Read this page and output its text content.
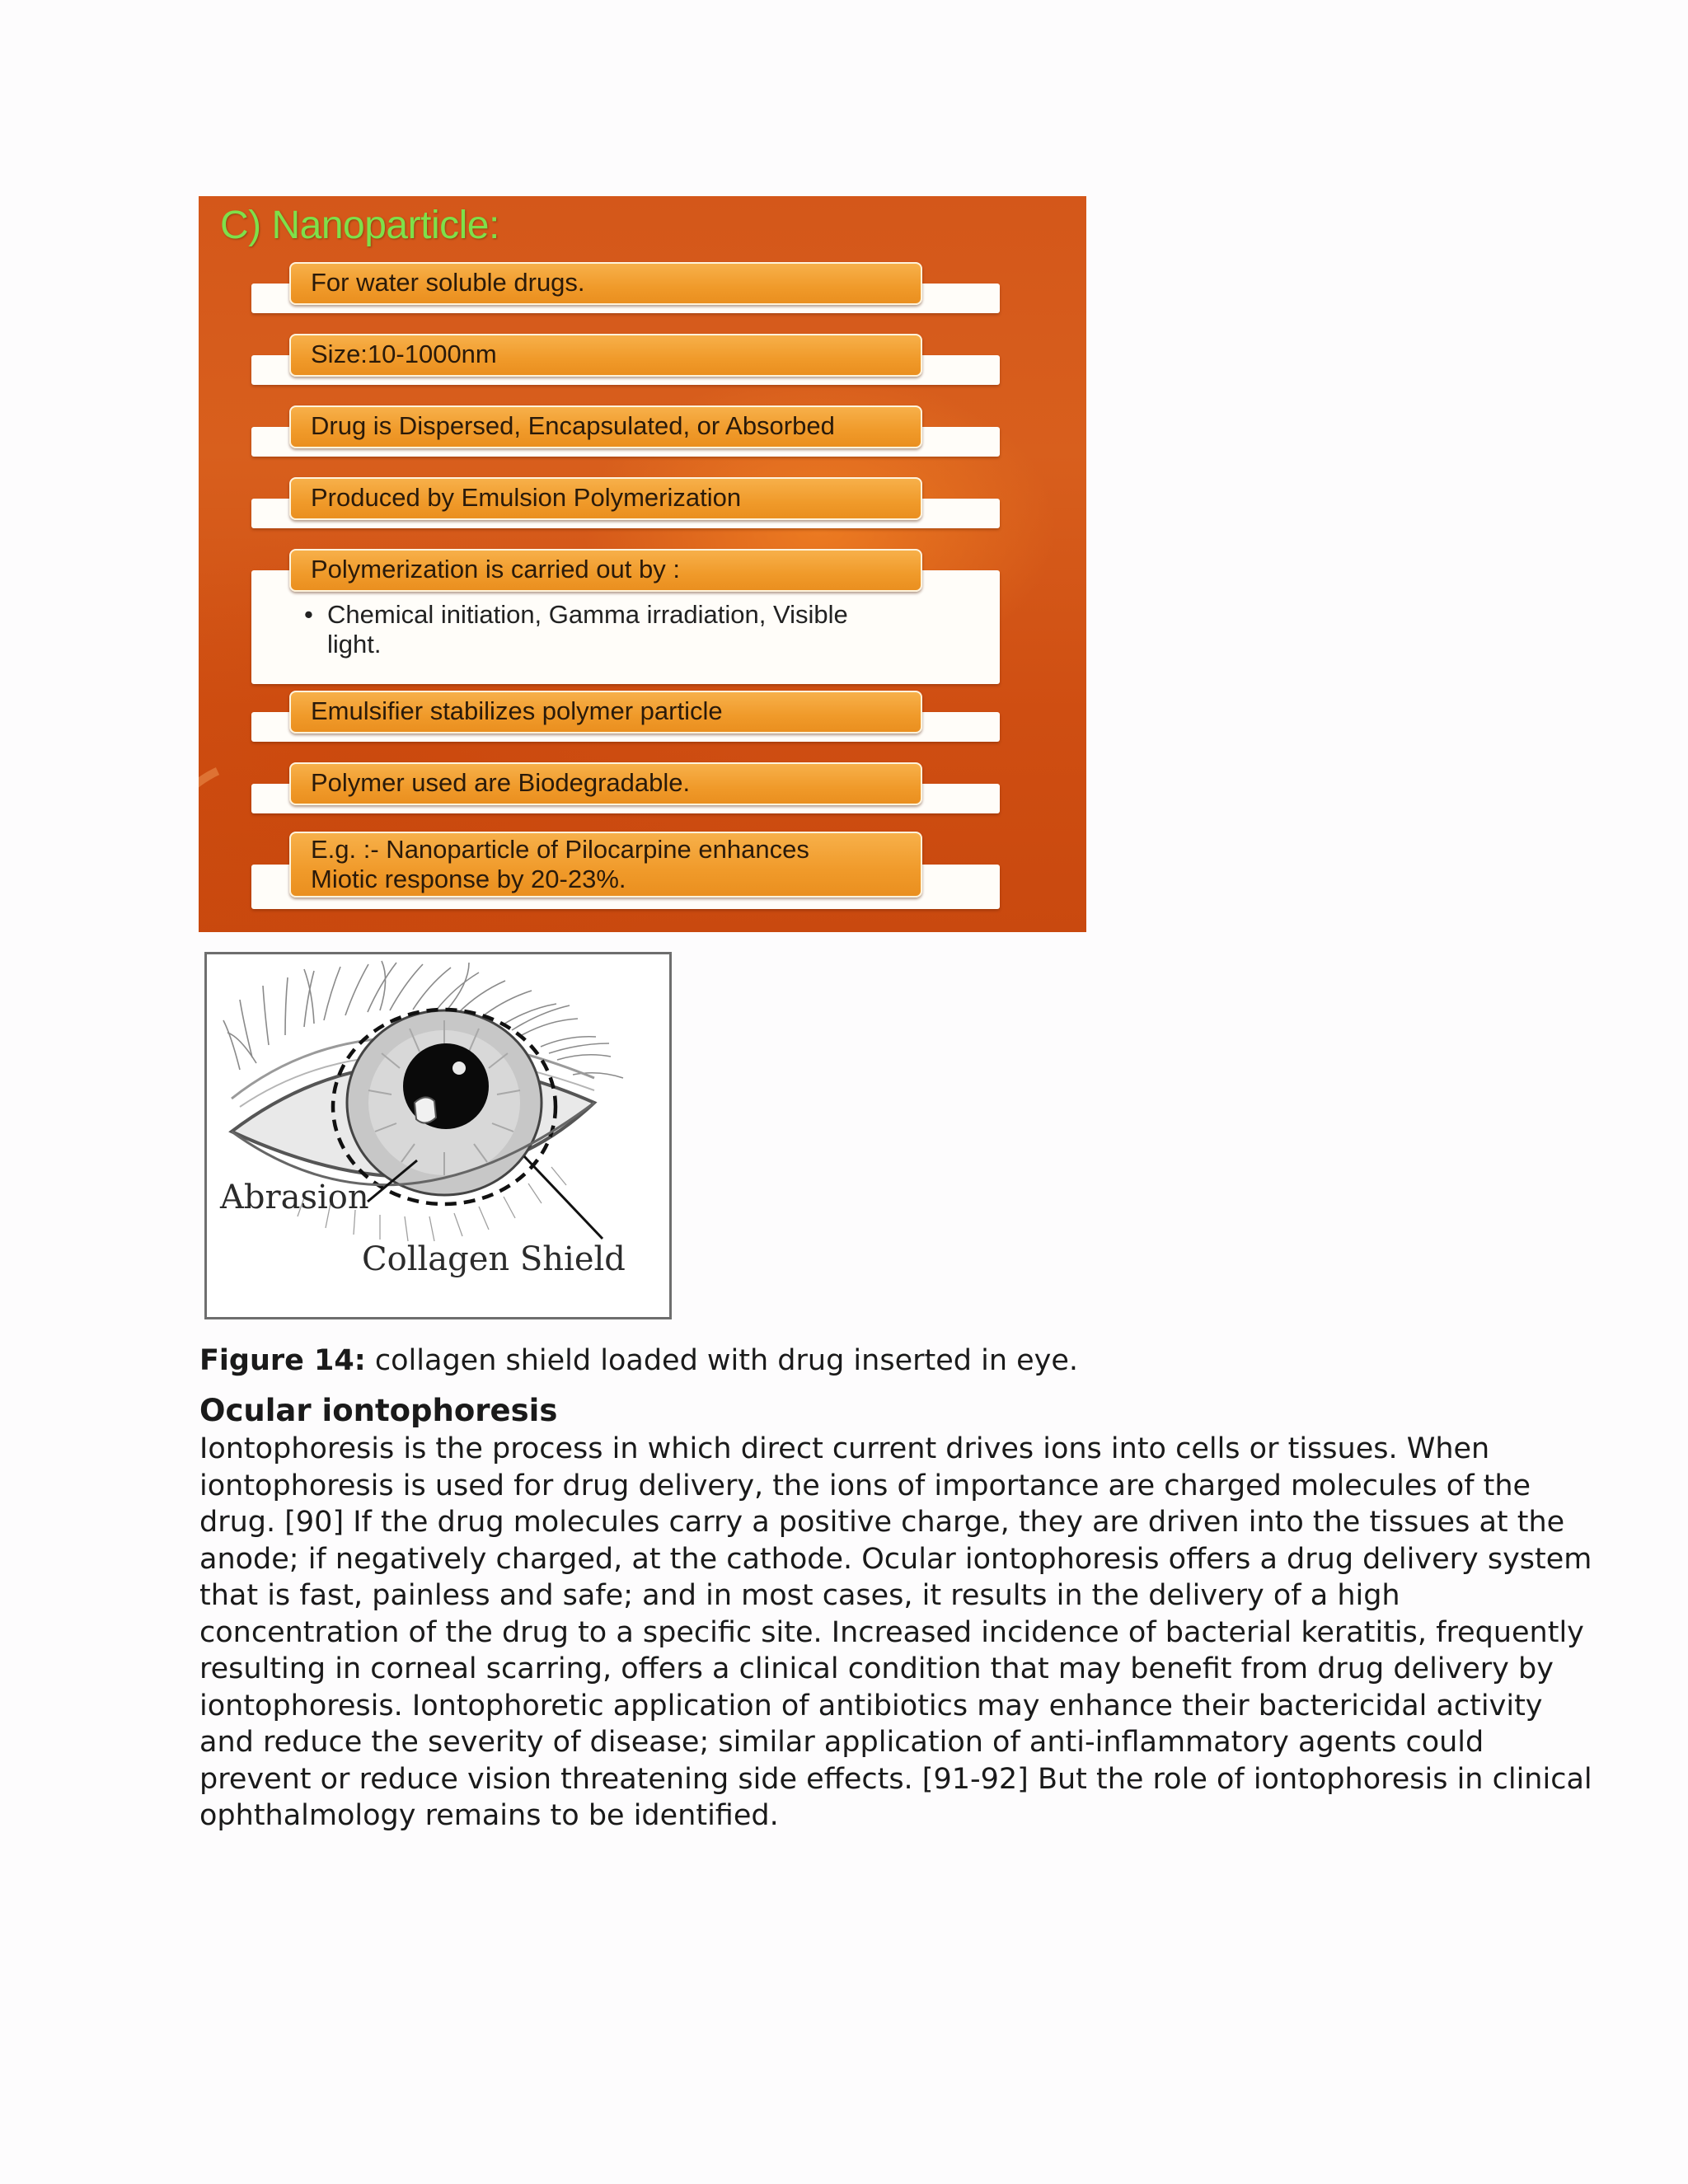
C) Nanoparticle:
For water soluble drugs.
Size:10-1000nm
Drug is Dispersed, Encapsulated, or Absorbed
Produced by Emulsion Polymerization
Polymerization is carried out by :
• Chemical initiation, Gamma irradiation, Visible
light.
Emulsifier stabilizes polymer particle
Polymer used are Biodegradable.
E.g. :- Nanoparticle of Pilocarpine enhances
Miotic response by 20-23%.
Abrasion
Collagen Shield
Figure 14: collagen shield loaded with drug inserted in eye.
Ocular iontophoresis
Iontophoresis is the process in which direct current drives ions into cells or tissues. When
iontophoresis is used for drug delivery, the ions of importance are charged molecules of the
drug. [90] If the drug molecules carry a positive charge, they are driven into the tissues at the
anode; if negatively charged, at the cathode. Ocular iontophoresis offers a drug delivery system
that is fast, painless and safe; and in most cases, it results in the delivery of a high
concentration of the drug to a specific site. Increased incidence of bacterial keratitis, frequently
resulting in corneal scarring, offers a clinical condition that may benefit from drug delivery by
iontophoresis. Iontophoretic application of antibiotics may enhance their bactericidal activity
and reduce the severity of disease; similar application of anti-inflammatory agents could
prevent or reduce vision threatening side effects. [91-92] But the role of iontophoresis in clinical
ophthalmology remains to be identified.
